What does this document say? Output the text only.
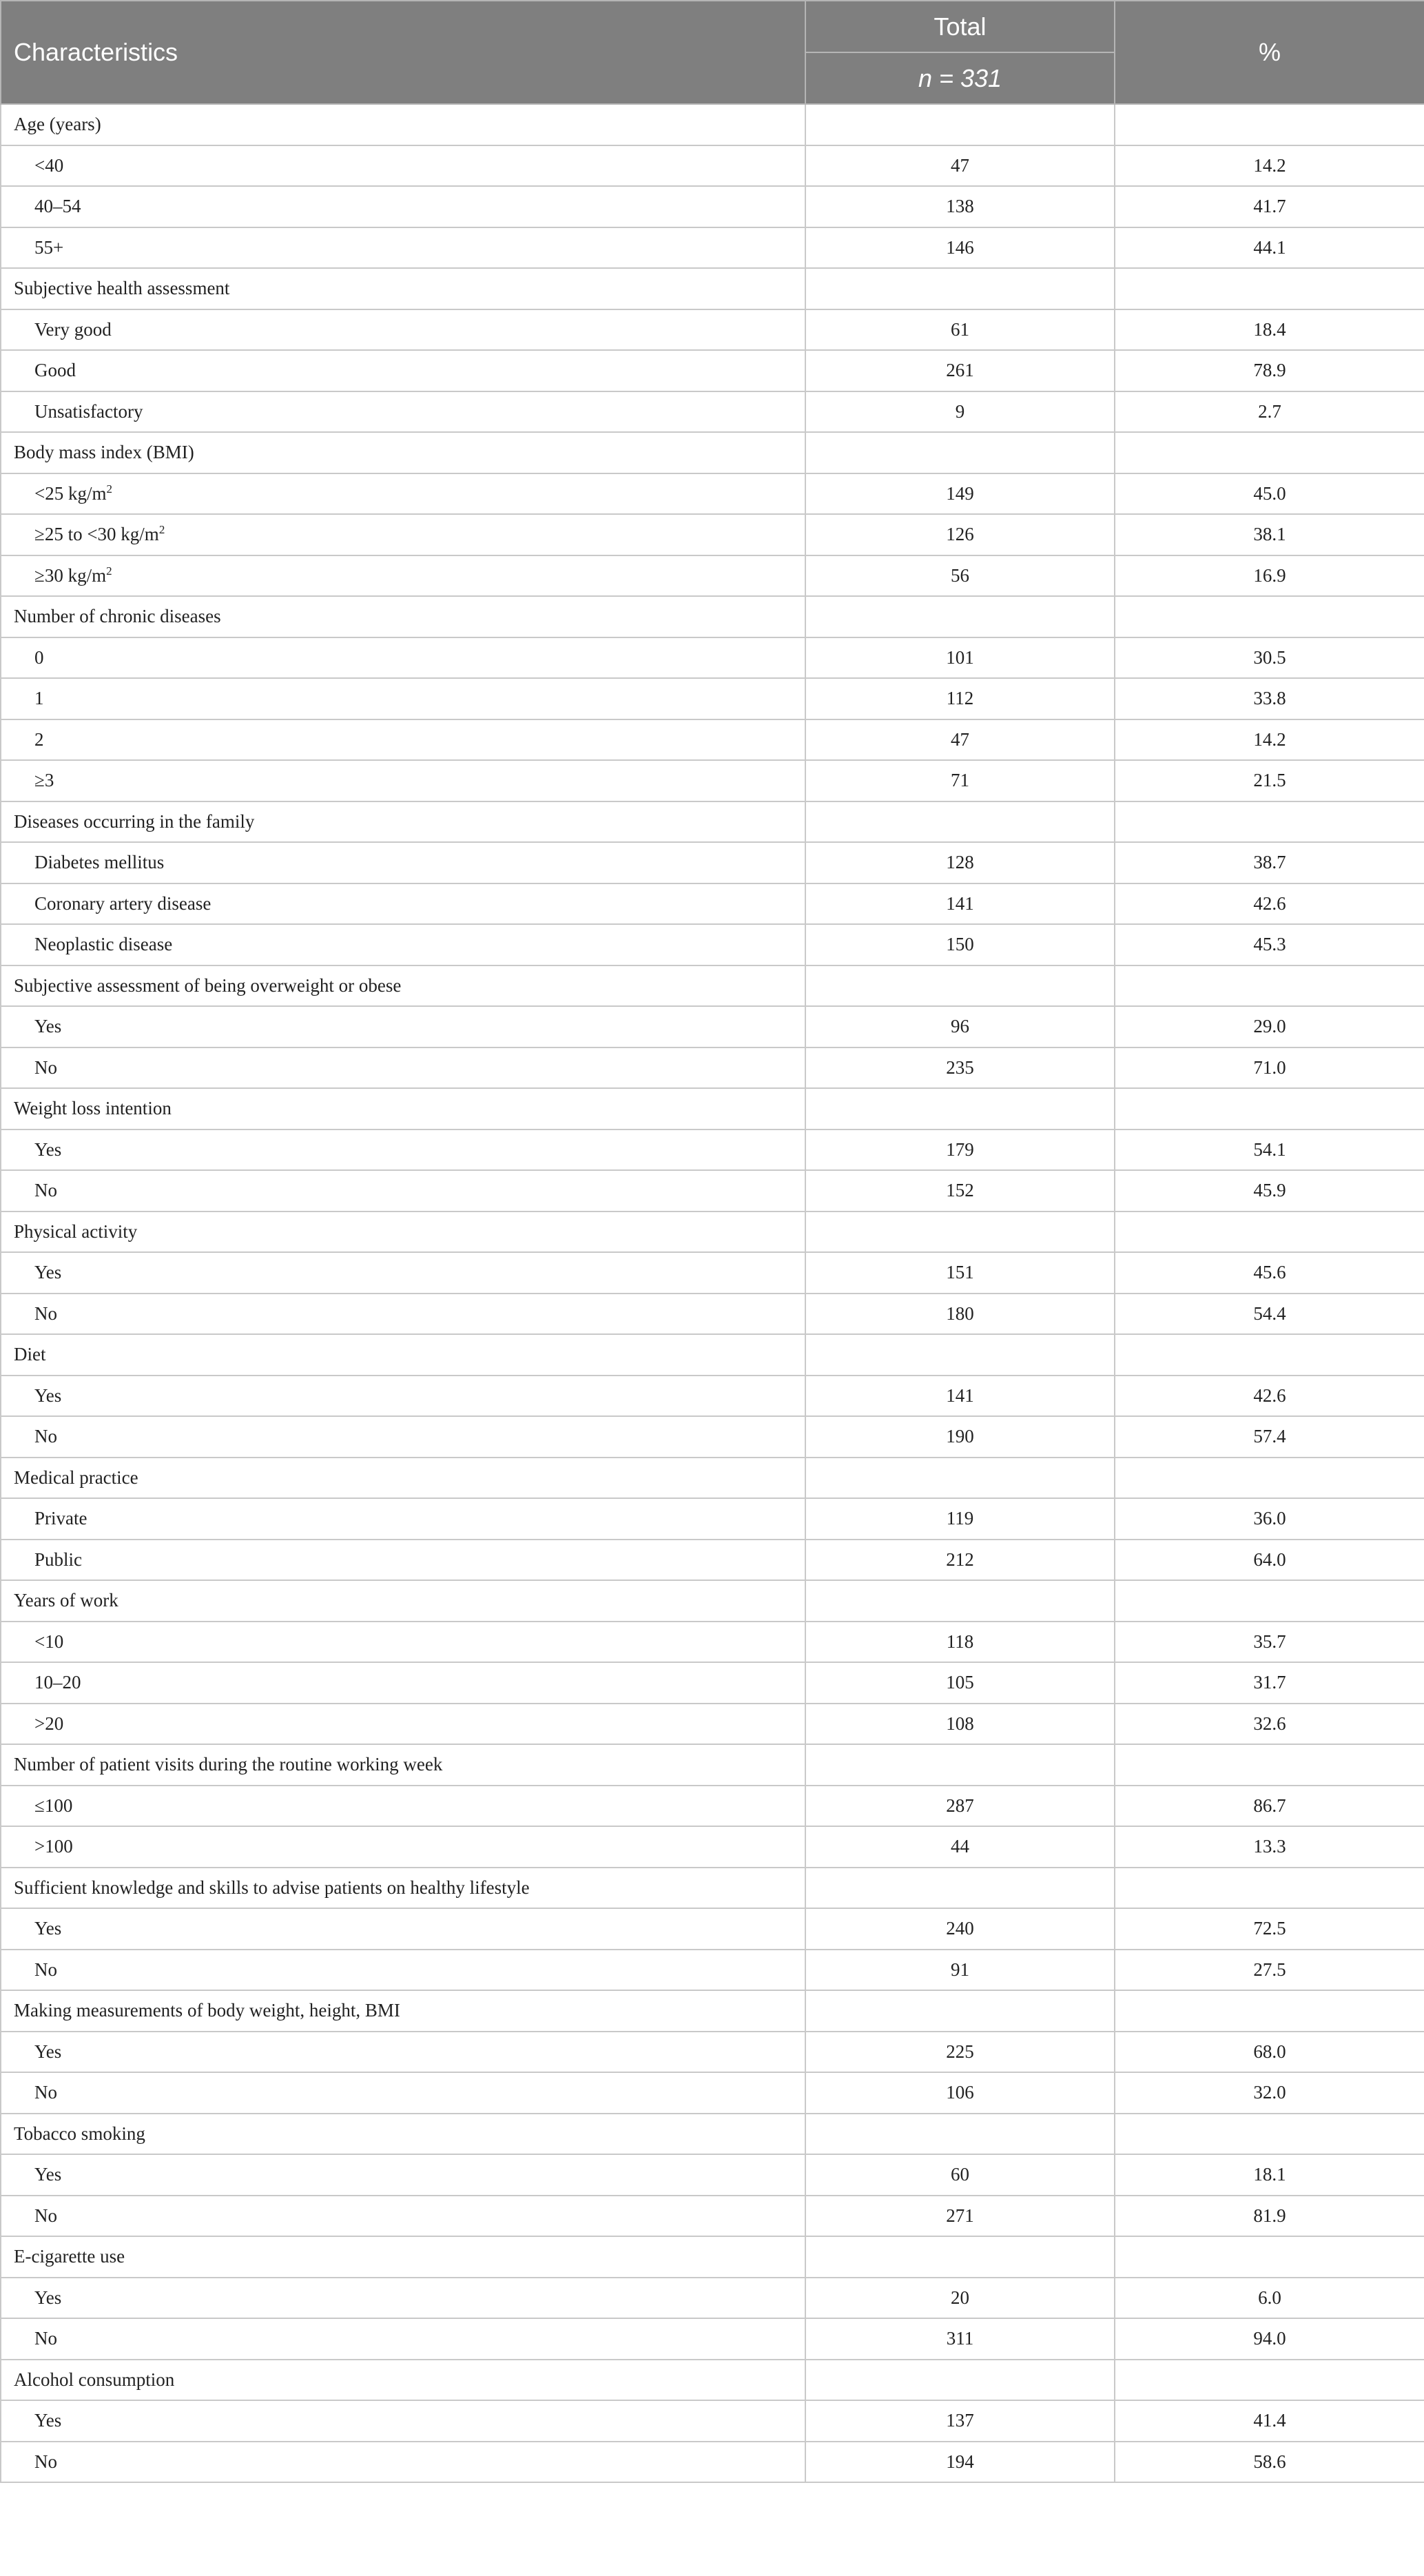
Characteristics	Total	%
	n = 331	
Age (years)		
<40	47	14.2
40–54	138	41.7
55+	146	44.1
Subjective health assessment		
Very good	61	18.4
Good	261	78.9
Unsatisfactory	9	2.7
Body mass index (BMI)		
<25 $kg/m^2$	149	45.0
≥25 to <30 $kg/m^2$	126	38.1
≥30 $kg/m^2$	56	16.9
Number of chronic diseases		
0	101	30.5
1	112	33.8
2	47	14.2
≥3	71	21.5
Diseases occurring in the family		
Diabetes mellitus	128	38.7
Coronary artery disease	141	42.6
Neoplastic disease	150	45.3
Subjective assessment of being overweight or obese		
Yes	96	29.0
No	235	71.0
Weight loss intention		
Yes	179	54.1
No	152	45.9
Physical activity		
Yes	151	45.6
No	180	54.4
Diet		
Yes	141	42.6
No	190	57.4
Medical practice		
Private	119	36.0
Public	212	64.0
Years of work		
<10	118	35.7
10–20	105	31.7
>20	108	32.6
Number of patient visits during the routine working week		
≤100	287	86.7
>100	44	13.3
Sufficient knowledge and skills to advise patients on healthy lifestyle		
Yes	240	72.5
No	91	27.5
Making measurements of body weight, height, BMI		
Yes	225	68.0
No	106	32.0
Tobacco smoking		
Yes	60	18.1
No	271	81.9
E-cigarette use		
Yes	20	6.0
No	311	94.0
Alcohol consumption		
Yes	137	41.4
No	194	58.6
